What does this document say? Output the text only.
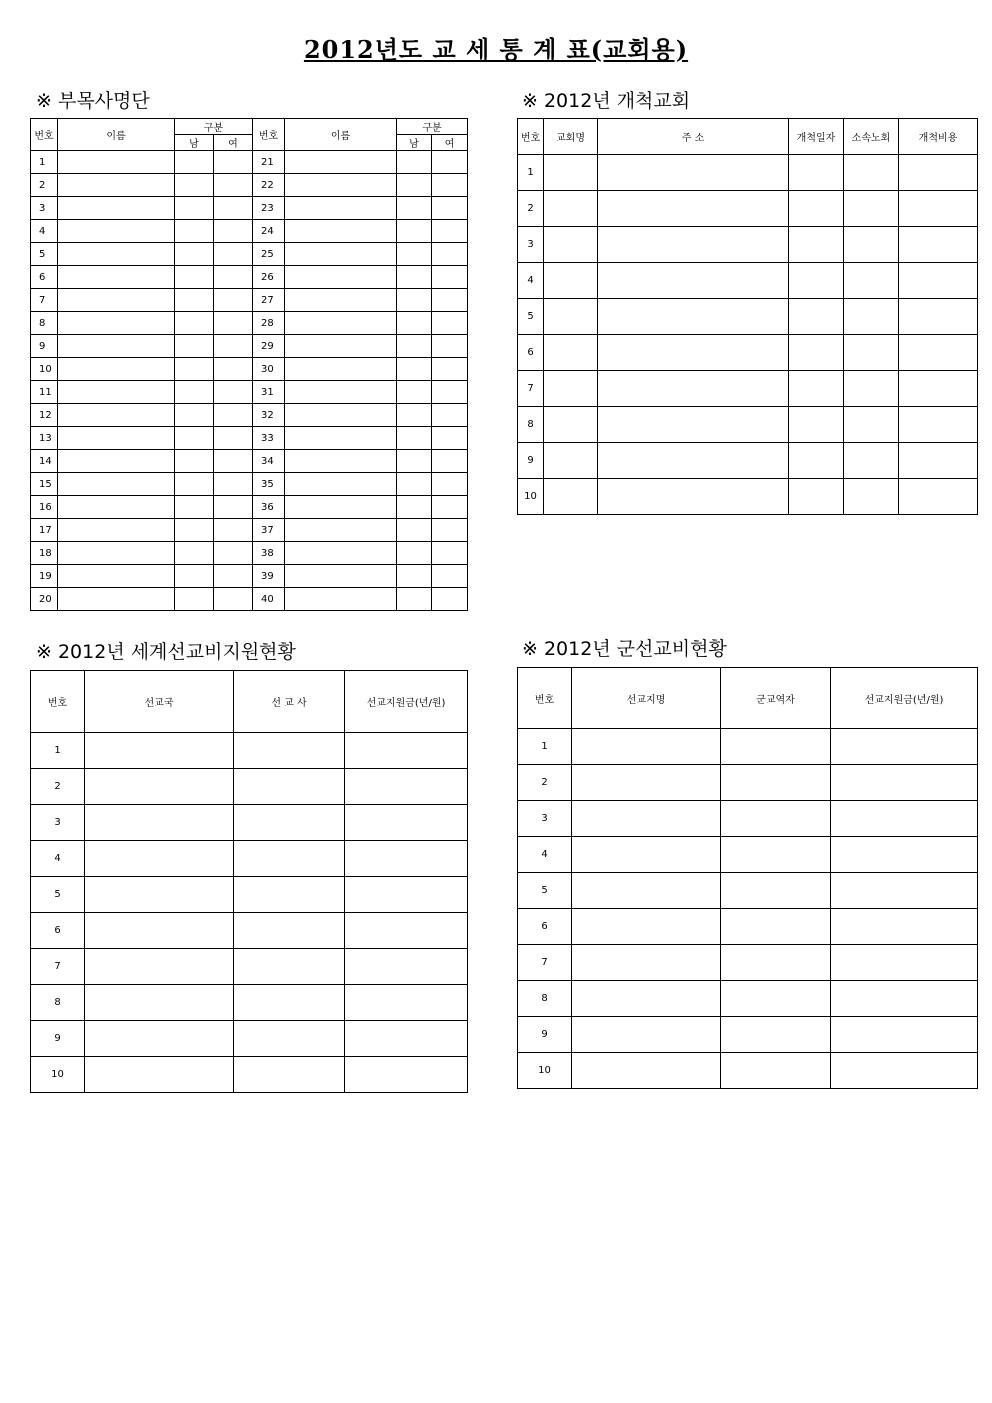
2012년도 교 세 통 계 표(교회용)
※ 부목사명단
번호	이름	구분		번호	이름	구분	
		남	여			남	여
1				21			
2				22			
3				23			
4				24			
5				25			
6				26			
7				27			
8				28			
9				29			
10				30			
11				31			
12				32			
13				33			
14				34			
15				35			
16				36			
17				37			
18				38			
19				39			
20				40			
※ 2012년 개척교회
번호	교회명	주 소	개척일자	소속노회	개척비용
1					
2					
3					
4					
5					
6					
7					
8					
9					
10					
※ 2012년 세계선교비지원현황
번호	선교국	선 교 사	선교지원금(년/원)
1			
2			
3			
4			
5			
6			
7			
8			
9			
10			
※ 2012년 군선교비현황
번호	선교지명	군교역자	선교지원금(년/원)
1			
2			
3			
4			
5			
6			
7			
8			
9			
10			
